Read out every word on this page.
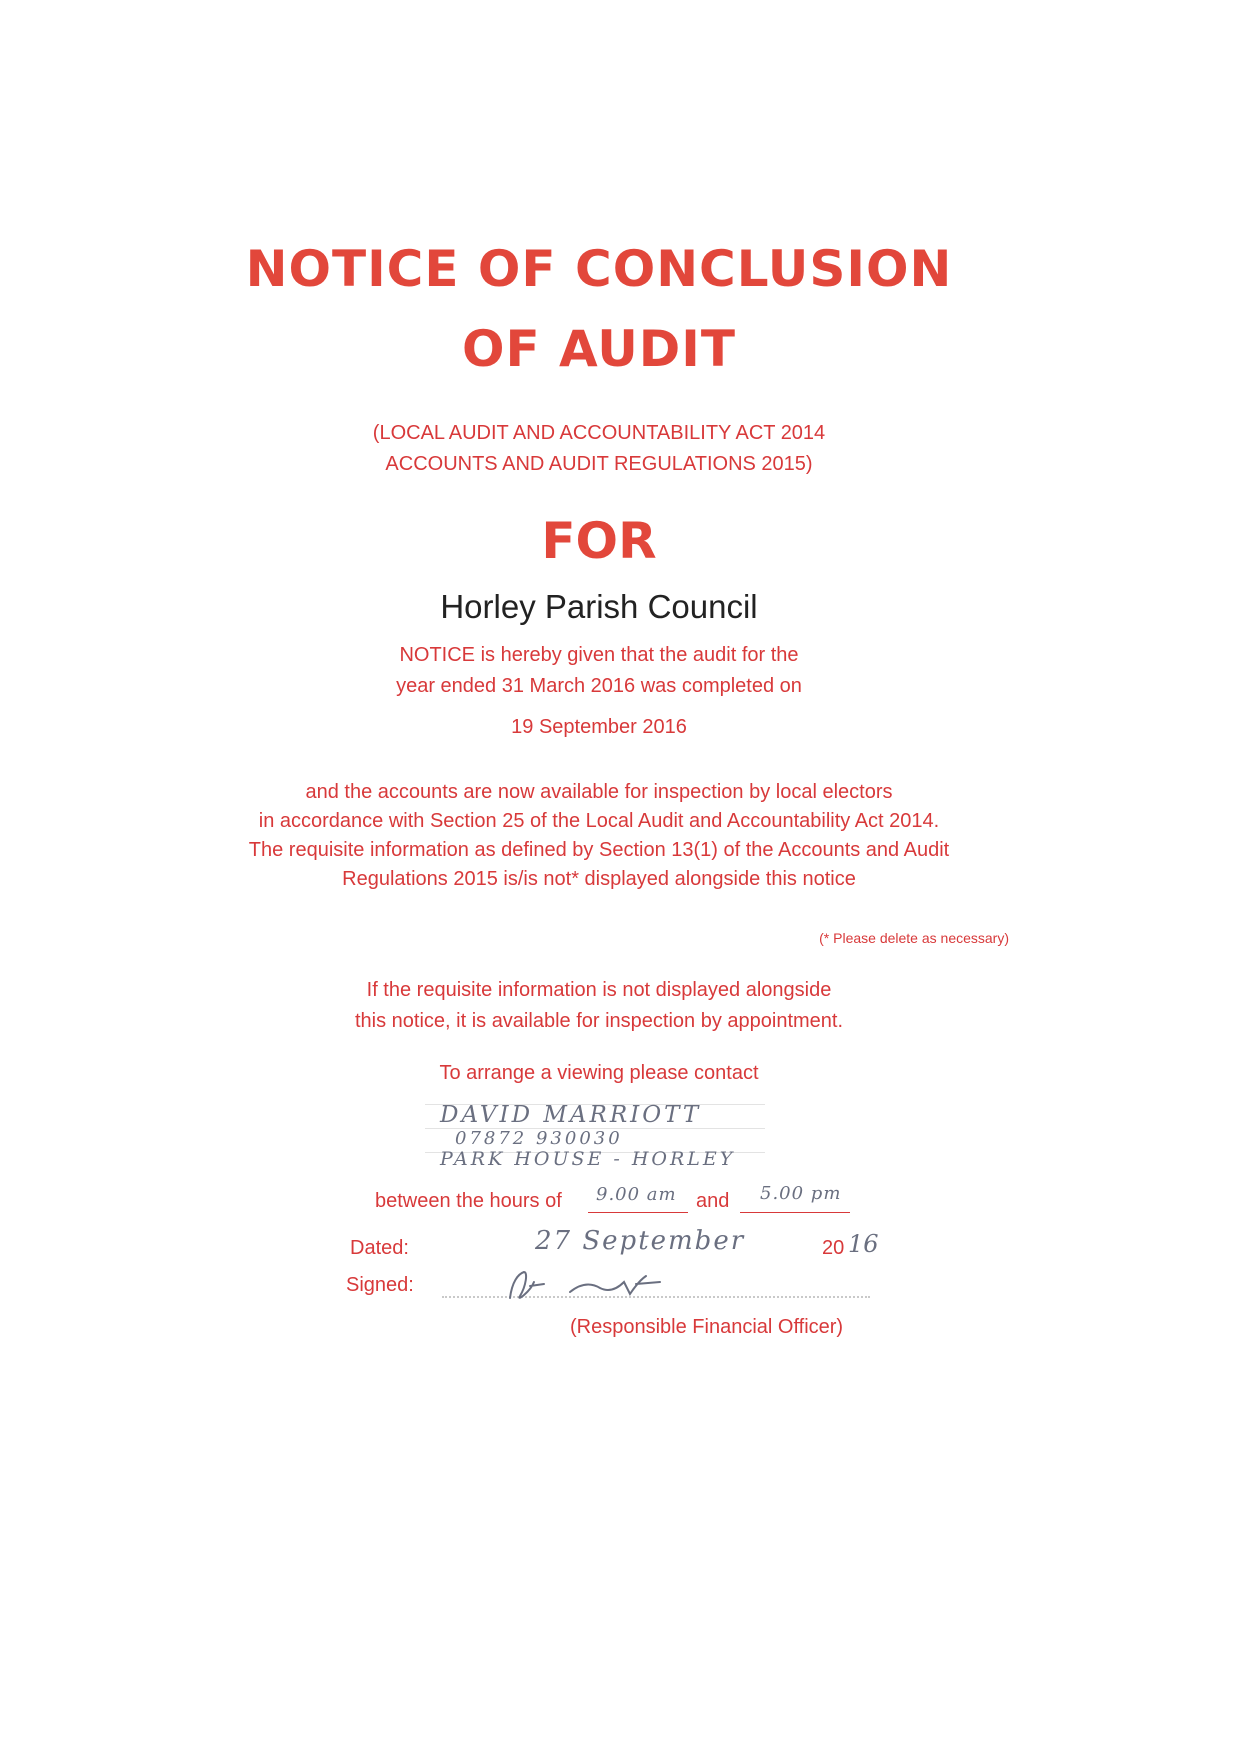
NOTICE OF CONCLUSION
OF AUDIT
(LOCAL AUDIT AND ACCOUNTABILITY ACT 2014
ACCOUNTS AND AUDIT REGULATIONS 2015)
FOR
Horley Parish Council
NOTICE is hereby given that the audit for the
year ended 31 March 2016 was completed on
19 September 2016
and the accounts are now available for inspection by local electors
in accordance with Section 25 of the Local Audit and Accountability Act 2014.
The requisite information as defined by Section 13(1) of the Accounts and Audit
Regulations 2015 is/is not* displayed alongside this notice
(* Please delete as necessary)
If the requisite information is not displayed alongside
this notice, it is available for inspection by appointment.
To arrange a viewing please contact
DAVID MARRIOTT
07872 930030
PARK HOUSE - HORLEY
between the hours of 9.00 am and 5.00 pm
Dated:	27 September	20 16
Signed:
(Responsible Financial Officer)
